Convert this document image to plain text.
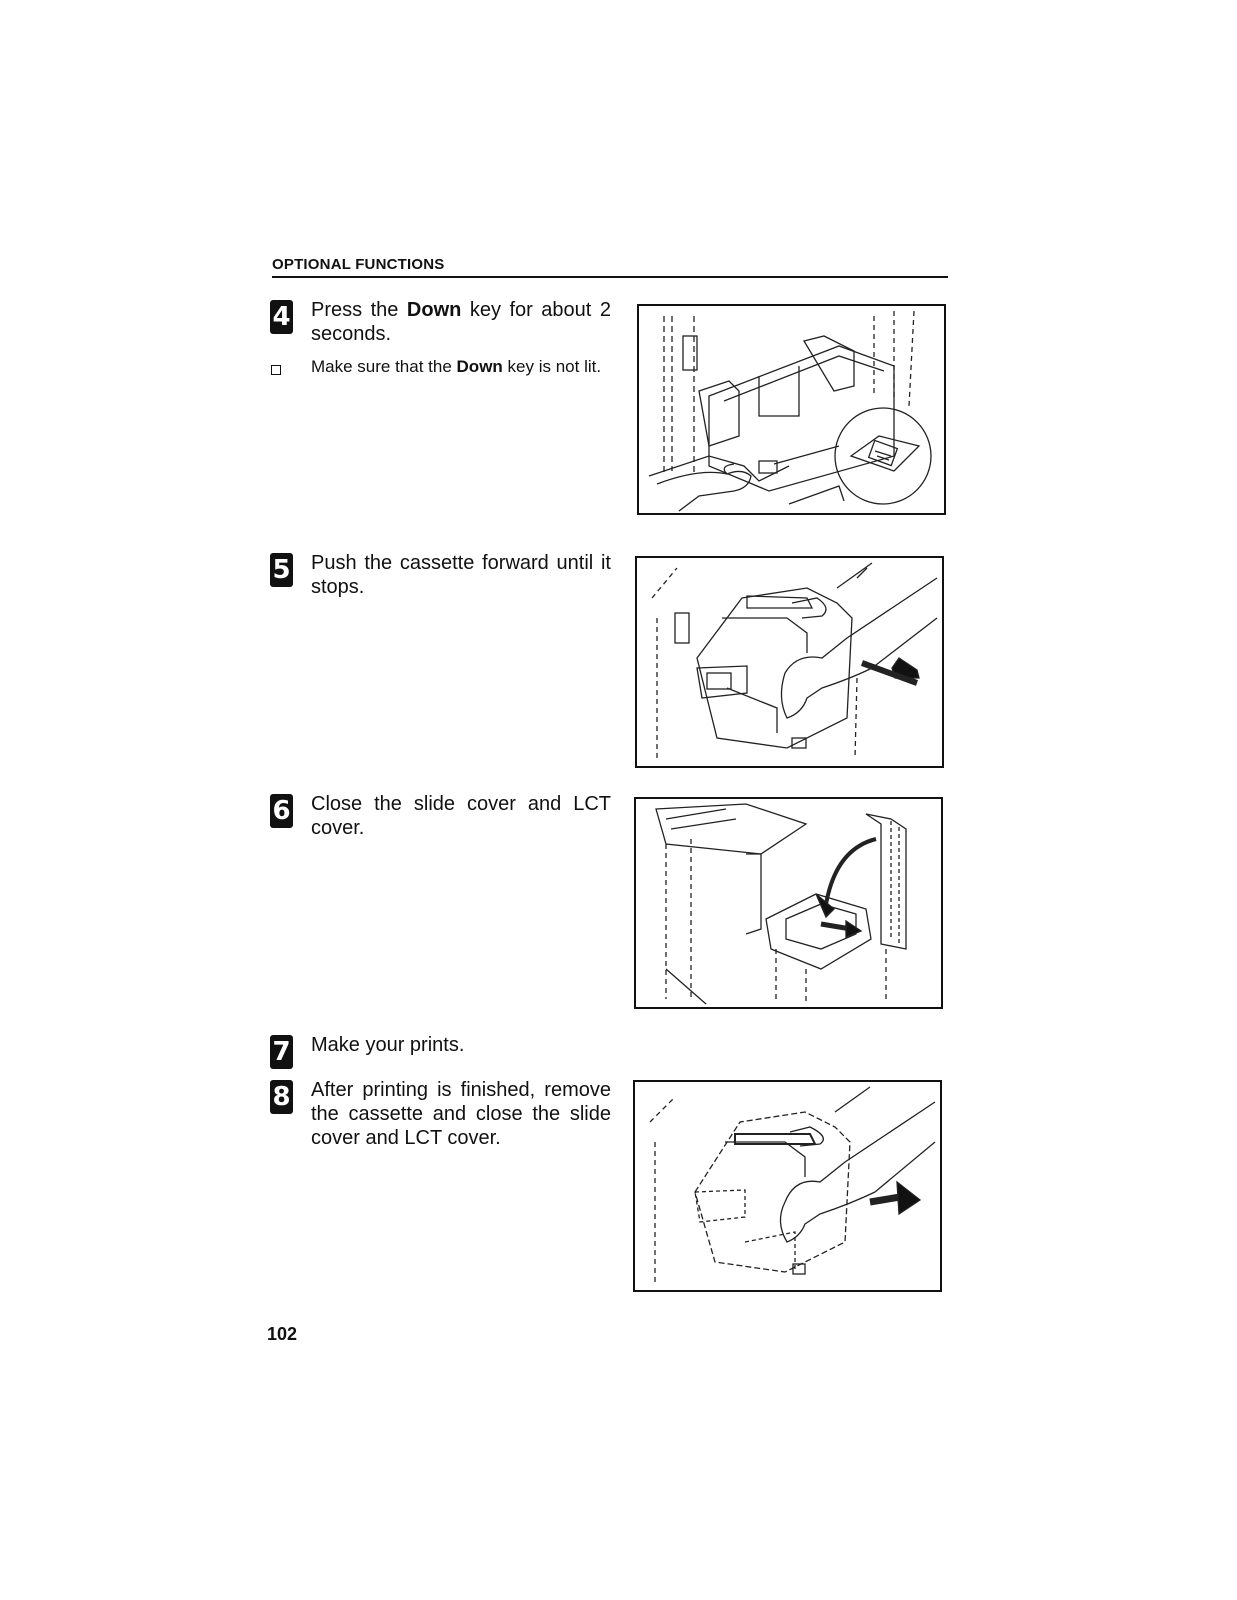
OPTIONAL FUNCTIONS
4 Press the Down key for about 2 seconds.
Make sure that the Down key is not lit.
5 Push the cassette forward until it stops.
6 Close the slide cover and LCT cover.
7 Make your prints.
8 After printing is finished, remove the cassette and close the slide cover and LCT cover.
102
